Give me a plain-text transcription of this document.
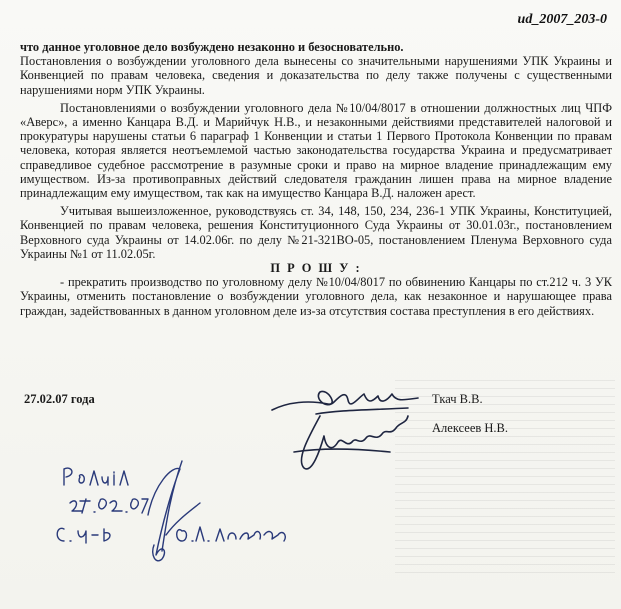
ud_2007_203-0

что данное уголовное дело возбуждено незаконно и безосновательно.

Постановления о возбуждении уголовного дела вынесены со значительными нарушениями УПК Украины и Конвенцией по правам человека, сведения и доказательства по делу также получены с существенными нарушениями норм УПК Украины.

Постановлениями о возбуждении уголовного дела №10/04/8017 в отношении должностных лиц ЧПФ «Аверс», а именно Канцара В.Д. и Марийчук Н.В., и незаконными действиями представителей налоговой и прокуратуры нарушены статьи 6 параграф 1 Конвенции и статьи 1 Первого Протокола Конвенции по правам человека, которая является неотъемлемой частью законодательства государства Украина и предусматривает справедливое судебное рассмотрение в разумные сроки и право на мирное владение принадлежащим ему имуществом. Из-за противоправных действий следователя гражданин лишен права на мирное владение принадлежащим ему имуществом, так как на имущество Канцара В.Д. наложен арест.

Учитывая вышеизложенное, руководствуясь ст. 34, 148, 150, 234, 236-1 УПК Украины, Конституцией, Конвенцией по правам человека, решения Конституционного Суда Украины от 30.01.03г., постановлением Верховного суда Украины от 14.02.06г. по делу №21-321ВО-05, постановлением Пленума Верховного суда Украины №1 от 11.02.05г.

П Р О Ш У :

- прекратить производство по уголовному делу №10/04/8017 по обвинению Канцары по ст.212 ч. 3 УК Украины, отменить постановление о возбуждении уголовного дела, как незаконное и нарушающее права граждан, задействованных в данном уголовном деле из-за отсутствия состава преступления в его действиях.

27.02.07 года	Ткач В.В.
Алексеев Н.В.
